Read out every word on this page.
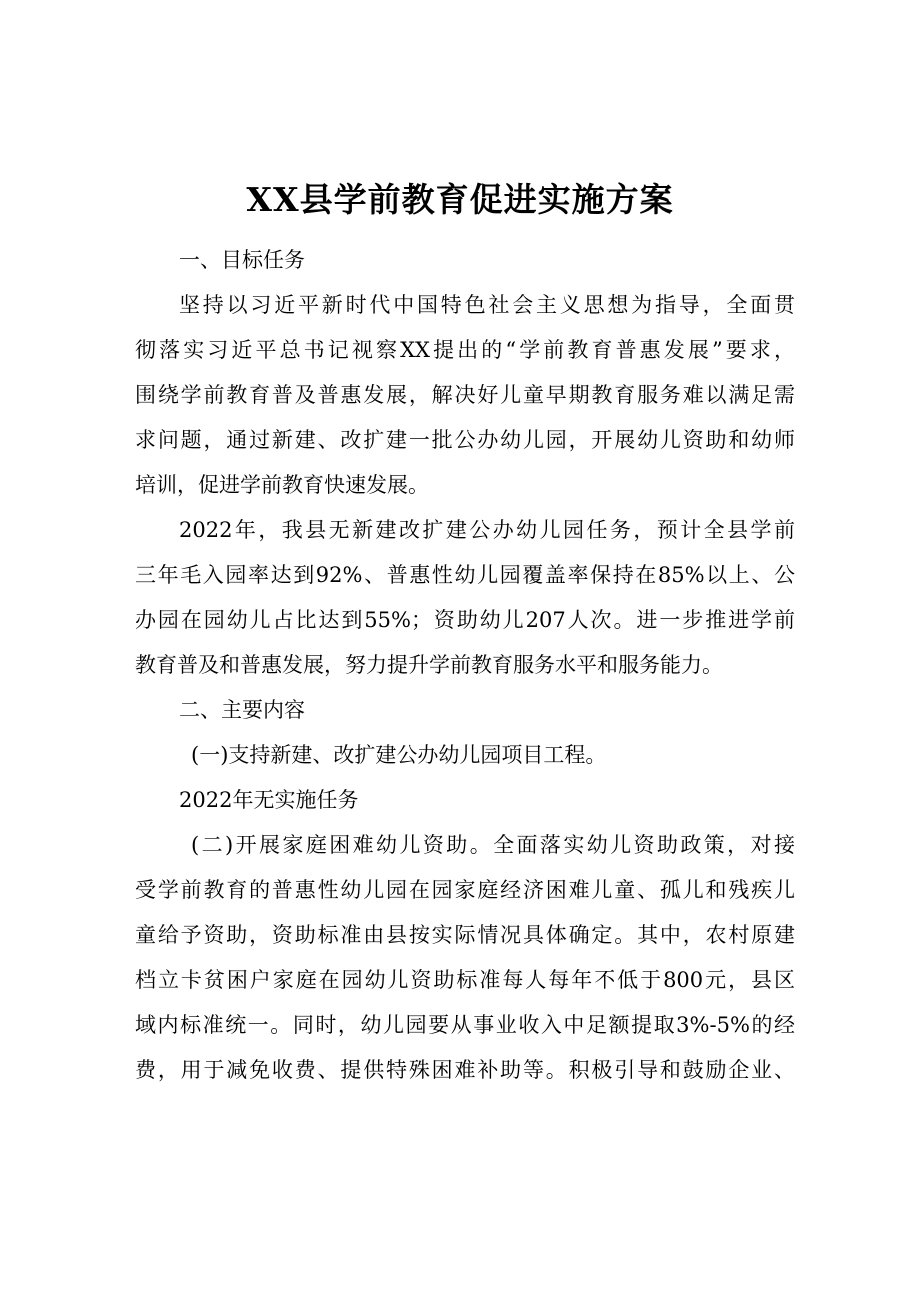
XX县学前教育促进实施方案
一、目标任务
坚持以习近平新时代中国特色社会主义思想为指导，全面贯
彻落实习近平总书记视察XX提出的“学前教育普惠发展”要求，
围绕学前教育普及普惠发展，解决好儿童早期教育服务难以满足需
求问题，通过新建、改扩建一批公办幼儿园，开展幼儿资助和幼师
培训，促进学前教育快速发展。
2022年，我县无新建改扩建公办幼儿园任务，预计全县学前
三年毛入园率达到92%、普惠性幼儿园覆盖率保持在85%以上、公
办园在园幼儿占比达到55%；资助幼儿207人次。进一步推进学前
教育普及和普惠发展，努力提升学前教育服务水平和服务能力。
二、主要内容
(一)支持新建、改扩建公办幼儿园项目工程。
2022年无实施任务
(二)开展家庭困难幼儿资助。全面落实幼儿资助政策，对接
受学前教育的普惠性幼儿园在园家庭经济困难儿童、孤儿和残疾儿
童给予资助，资助标准由县按实际情况具体确定。其中，农村原建
档立卡贫困户家庭在园幼儿资助标准每人每年不低于800元，县区
域内标准统一。同时，幼儿园要从事业收入中足额提取3%-5%的经
费，用于减免收费、提供特殊困难补助等。积极引导和鼓励企业、
